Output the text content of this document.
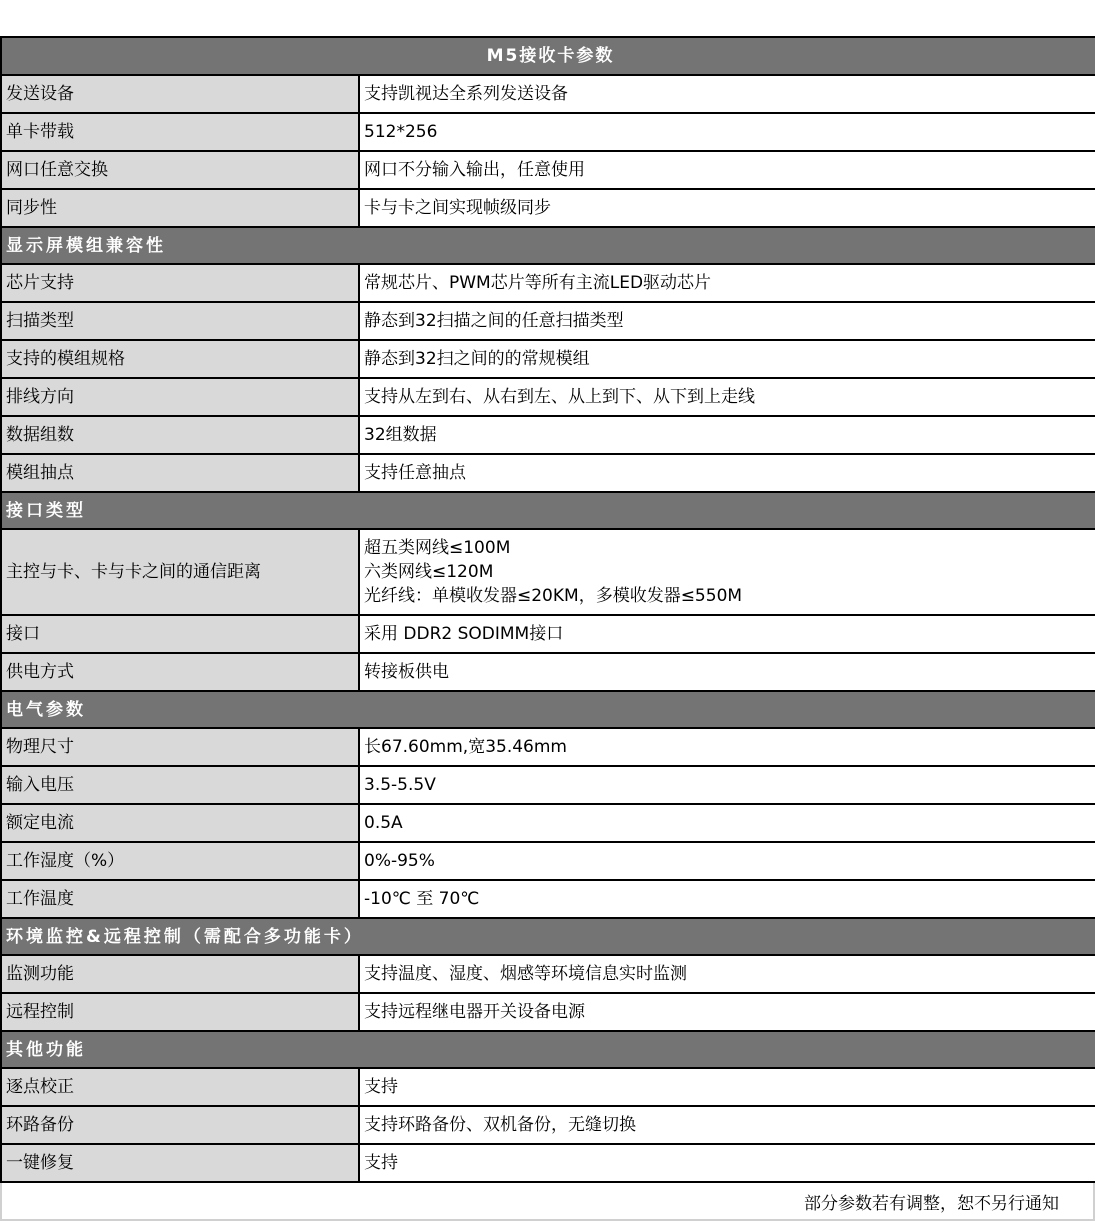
M5接收卡参数	
发送设备	支持凯视达全系列发送设备
单卡带载	512*256
网口任意交换	网口不分输入输出，任意使用
同步性	卡与卡之间实现帧级同步
显示屏模组兼容性	
芯片支持	常规芯片、PWM芯片等所有主流LED驱动芯片
扫描类型	静态到32扫描之间的任意扫描类型
支持的模组规格	静态到32扫之间的的常规模组
排线方向	支持从左到右、从右到左、从上到下、从下到上走线
数据组数	32组数据
模组抽点	支持任意抽点
接口类型	
主控与卡、卡与卡之间的通信距离	超五类网线≤100M
六类网线≤120M
光纤线：单模收发器≤20KM，多模收发器≤550M

接口	采用 DDR2 SODIMM接口
供电方式	转接板供电
电气参数	
物理尺寸	长67.60mm,宽35.46mm
输入电压	3.5-5.5V
额定电流	0.5A
工作湿度（%）	0%-95%
工作温度	-10℃ 至 70℃
环境监控&远程控制（需配合多功能卡）	
监测功能	支持温度、湿度、烟感等环境信息实时监测
远程控制	支持远程继电器开关设备电源
其他功能	
逐点校正	支持
环路备份	支持环路备份、双机备份，无缝切换
一键修复	支持
部分参数若有调整，恕不另行通知
